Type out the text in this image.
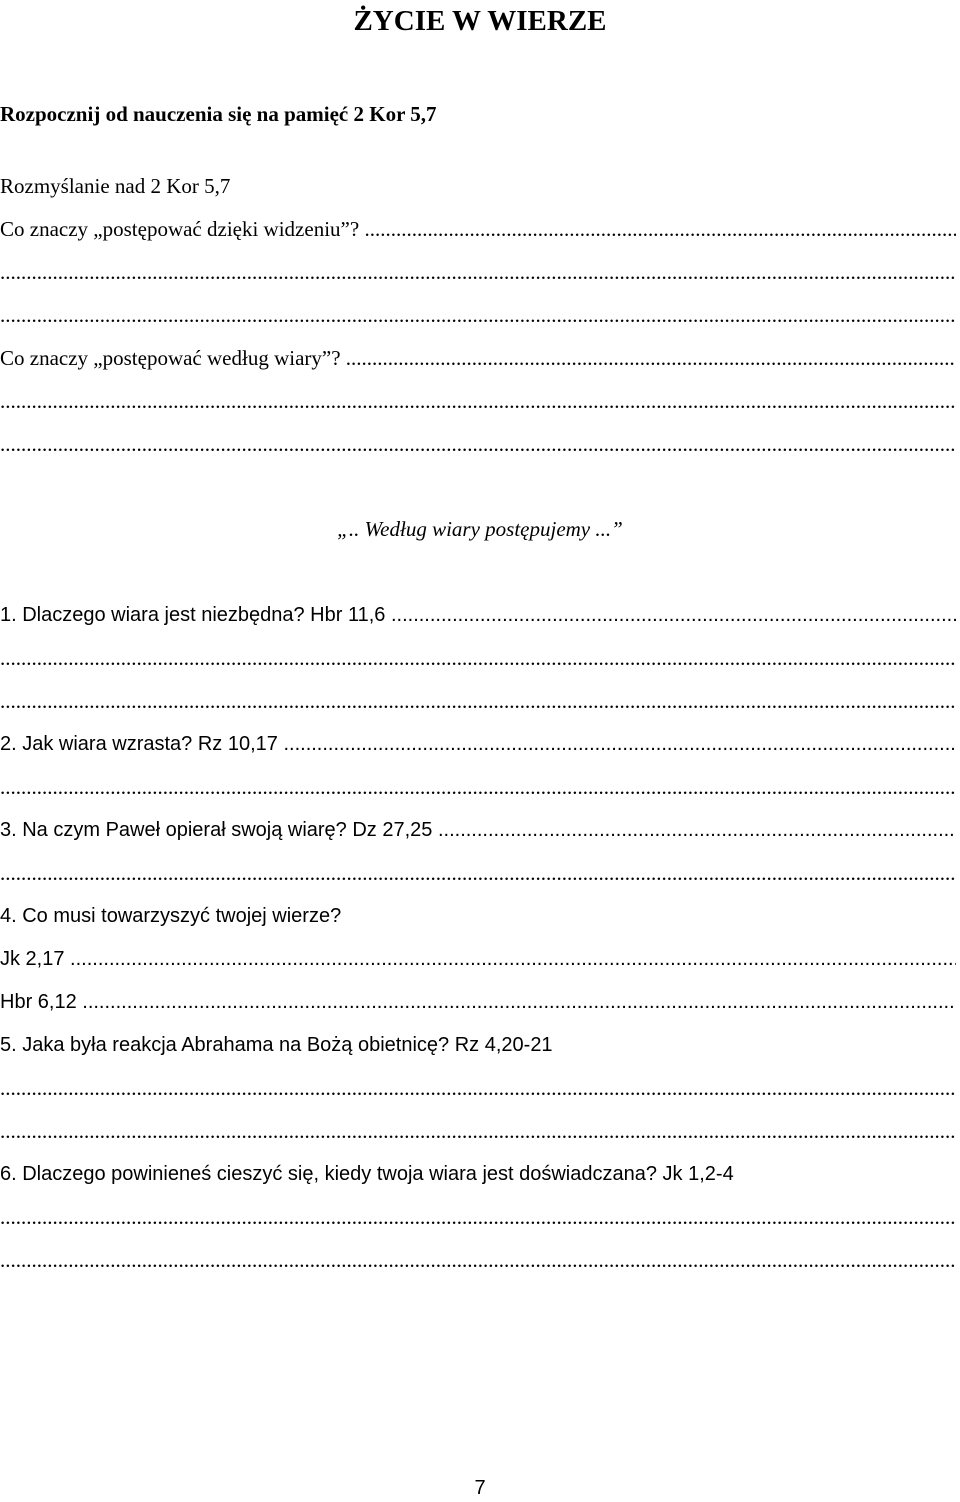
ŻYCIE W WIERZE
Rozpocznij od nauczenia się na pamięć 2 Kor 5,7
Rozmyślanie nad 2 Kor 5,7
Co znaczy „postępować dzięki widzeniu”? .....
.....
.....
Co znaczy „postępować według wiary”? .....
.....
.....
„.. Według wiary postępujemy ...”
1. Dlaczego wiara jest niezbędna? Hbr 11,6 .....
.....
.....
2. Jak wiara wzrasta? Rz 10,17 .....
.....
3. Na czym Paweł opierał swoją wiarę? Dz 27,25 .....
.....
4. Co musi towarzyszyć twojej wierze?
Jk 2,17 .....
Hbr 6,12 .....
5. Jaka była reakcja Abrahama na Bożą obietnicę? Rz 4,20-21
.....
.....
6. Dlaczego powinieneś cieszyć się, kiedy twoja wiara jest doświadczana? Jk 1,2-4
.....
.....
7
